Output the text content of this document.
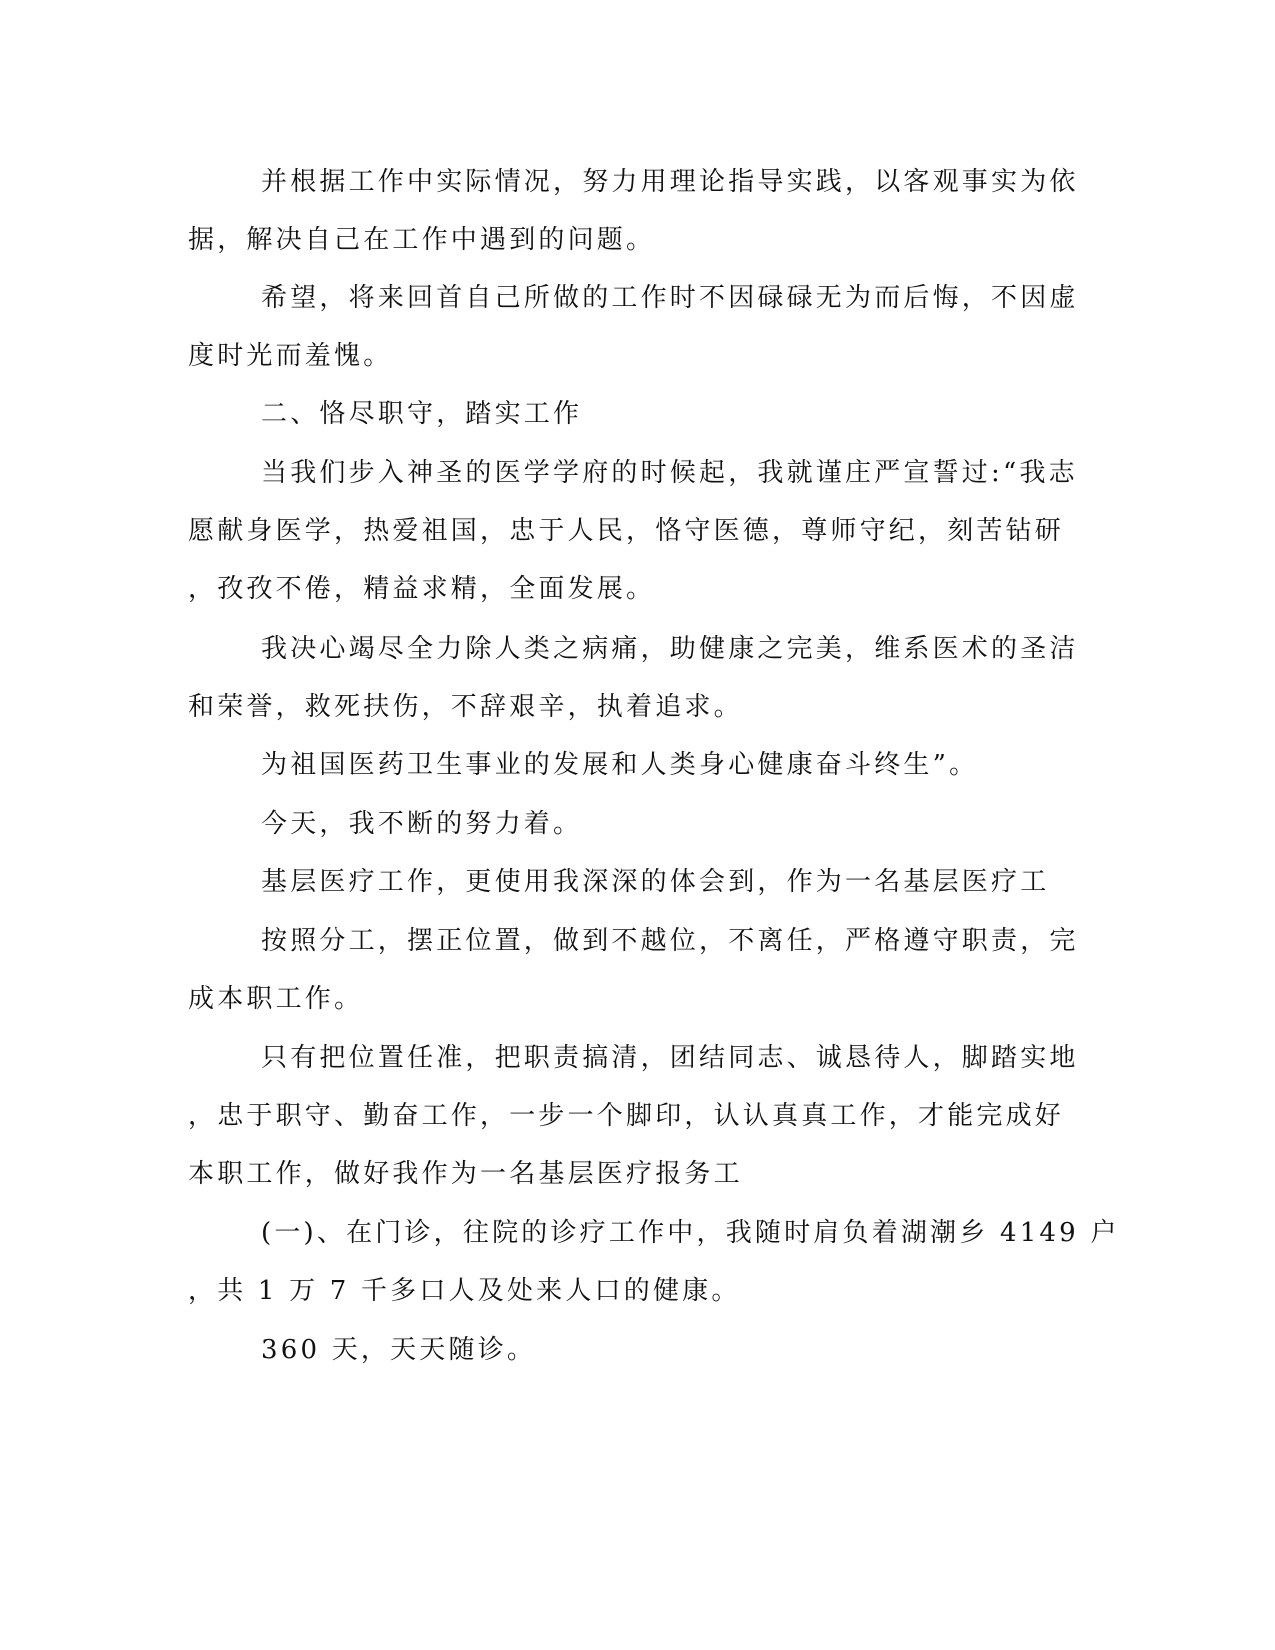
并根据工作中实际情况，努力用理论指导实践，以客观事实为依
据，解决自己在工作中遇到的问题。
希望，将来回首自己所做的工作时不因碌碌无为而后悔，不因虚
度时光而羞愧。
二、恪尽职守，踏实工作
当我们步入神圣的医学学府的时候起，我就谨庄严宣誓过:“我志
愿献身医学，热爱祖国，忠于人民，恪守医德，尊师守纪，刻苦钻研
，孜孜不倦，精益求精，全面发展。
我决心竭尽全力除人类之病痛，助健康之完美，维系医术的圣洁
和荣誉，救死扶伤，不辞艰辛，执着追求。
为祖国医药卫生事业的发展和人类身心健康奋斗终生”。
今天，我不断的努力着。
基层医疗工作，更使用我深深的体会到，作为一名基层医疗工
按照分工，摆正位置，做到不越位，不离任，严格遵守职责，完
成本职工作。
只有把位置任准，把职责搞清，团结同志、诚恳待人，脚踏实地
，忠于职守、勤奋工作，一步一个脚印，认认真真工作，才能完成好
本职工作，做好我作为一名基层医疗报务工
(一)、在门诊，往院的诊疗工作中，我随时肩负着湖潮乡 4149 户
，共 1 万 7 千多口人及处来人口的健康。
360 天，天天随诊。
